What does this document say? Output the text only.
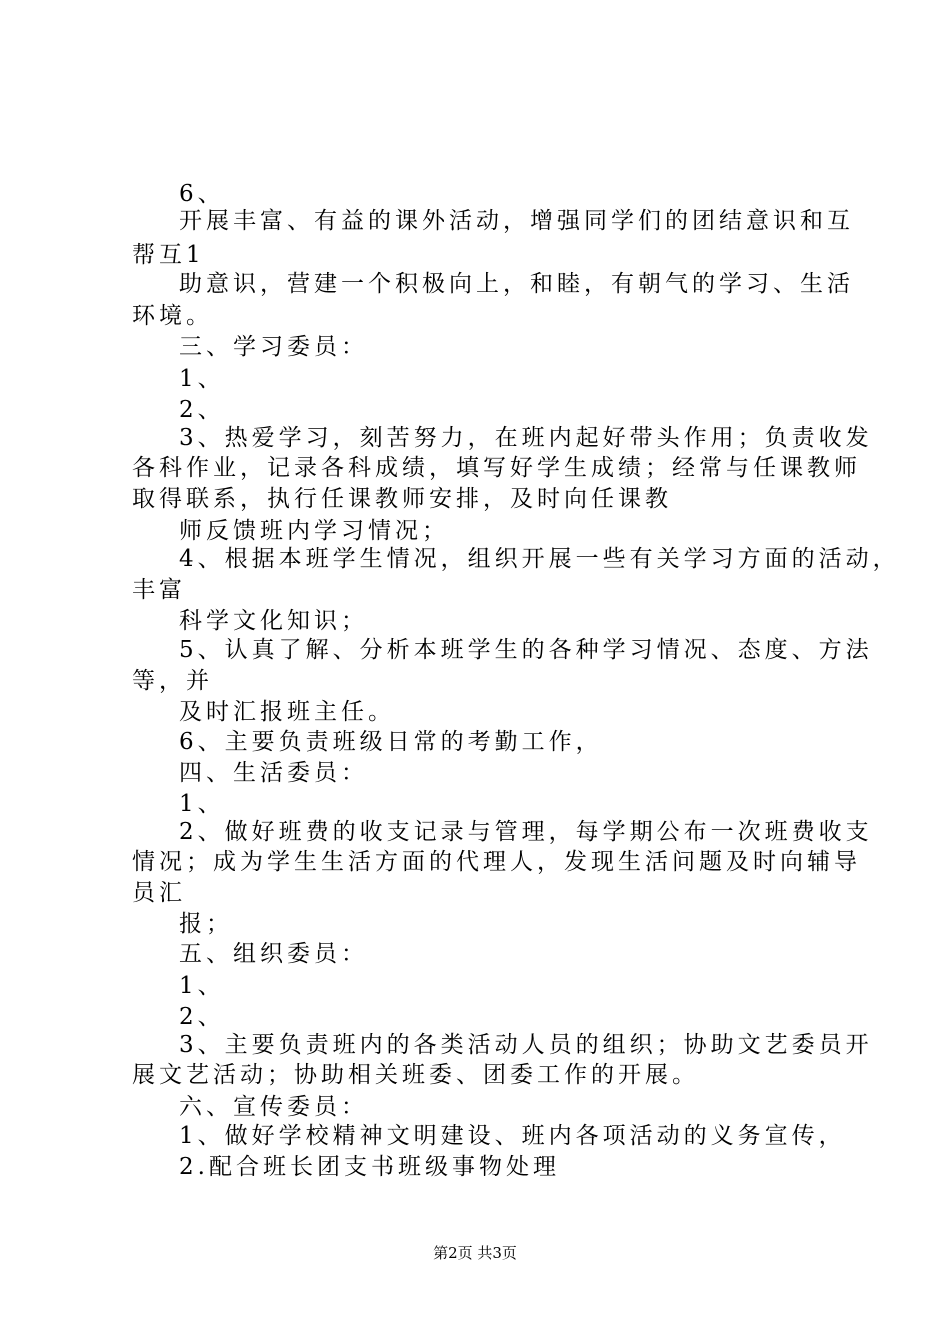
6、
开展丰富、有益的课外活动，增强同学们的团结意识和互
帮互1
助意识，营建一个积极向上，和睦，有朝气的学习、生活
环境。
三、学习委员：
1、
2、
3、热爱学习，刻苦努力，在班内起好带头作用；负责收发
各科作业，记录各科成绩，填写好学生成绩；经常与任课教师
取得联系，执行任课教师安排，及时向任课教
师反馈班内学习情况；
4、根据本班学生情况，组织开展一些有关学习方面的活动，
丰富
科学文化知识；
5、认真了解、分析本班学生的各种学习情况、态度、方法
等，并
及时汇报班主任。
6、主要负责班级日常的考勤工作，
四、生活委员：
1、
2、做好班费的收支记录与管理，每学期公布一次班费收支
情况；成为学生生活方面的代理人，发现生活问题及时向辅导
员汇
报；
五、组织委员：
1、
2、
3、主要负责班内的各类活动人员的组织；协助文艺委员开
展文艺活动；协助相关班委、团委工作的开展。
六、宣传委员：
1、做好学校精神文明建设、班内各项活动的义务宣传，
2.配合班长团支书班级事物处理
第2页 共3页
